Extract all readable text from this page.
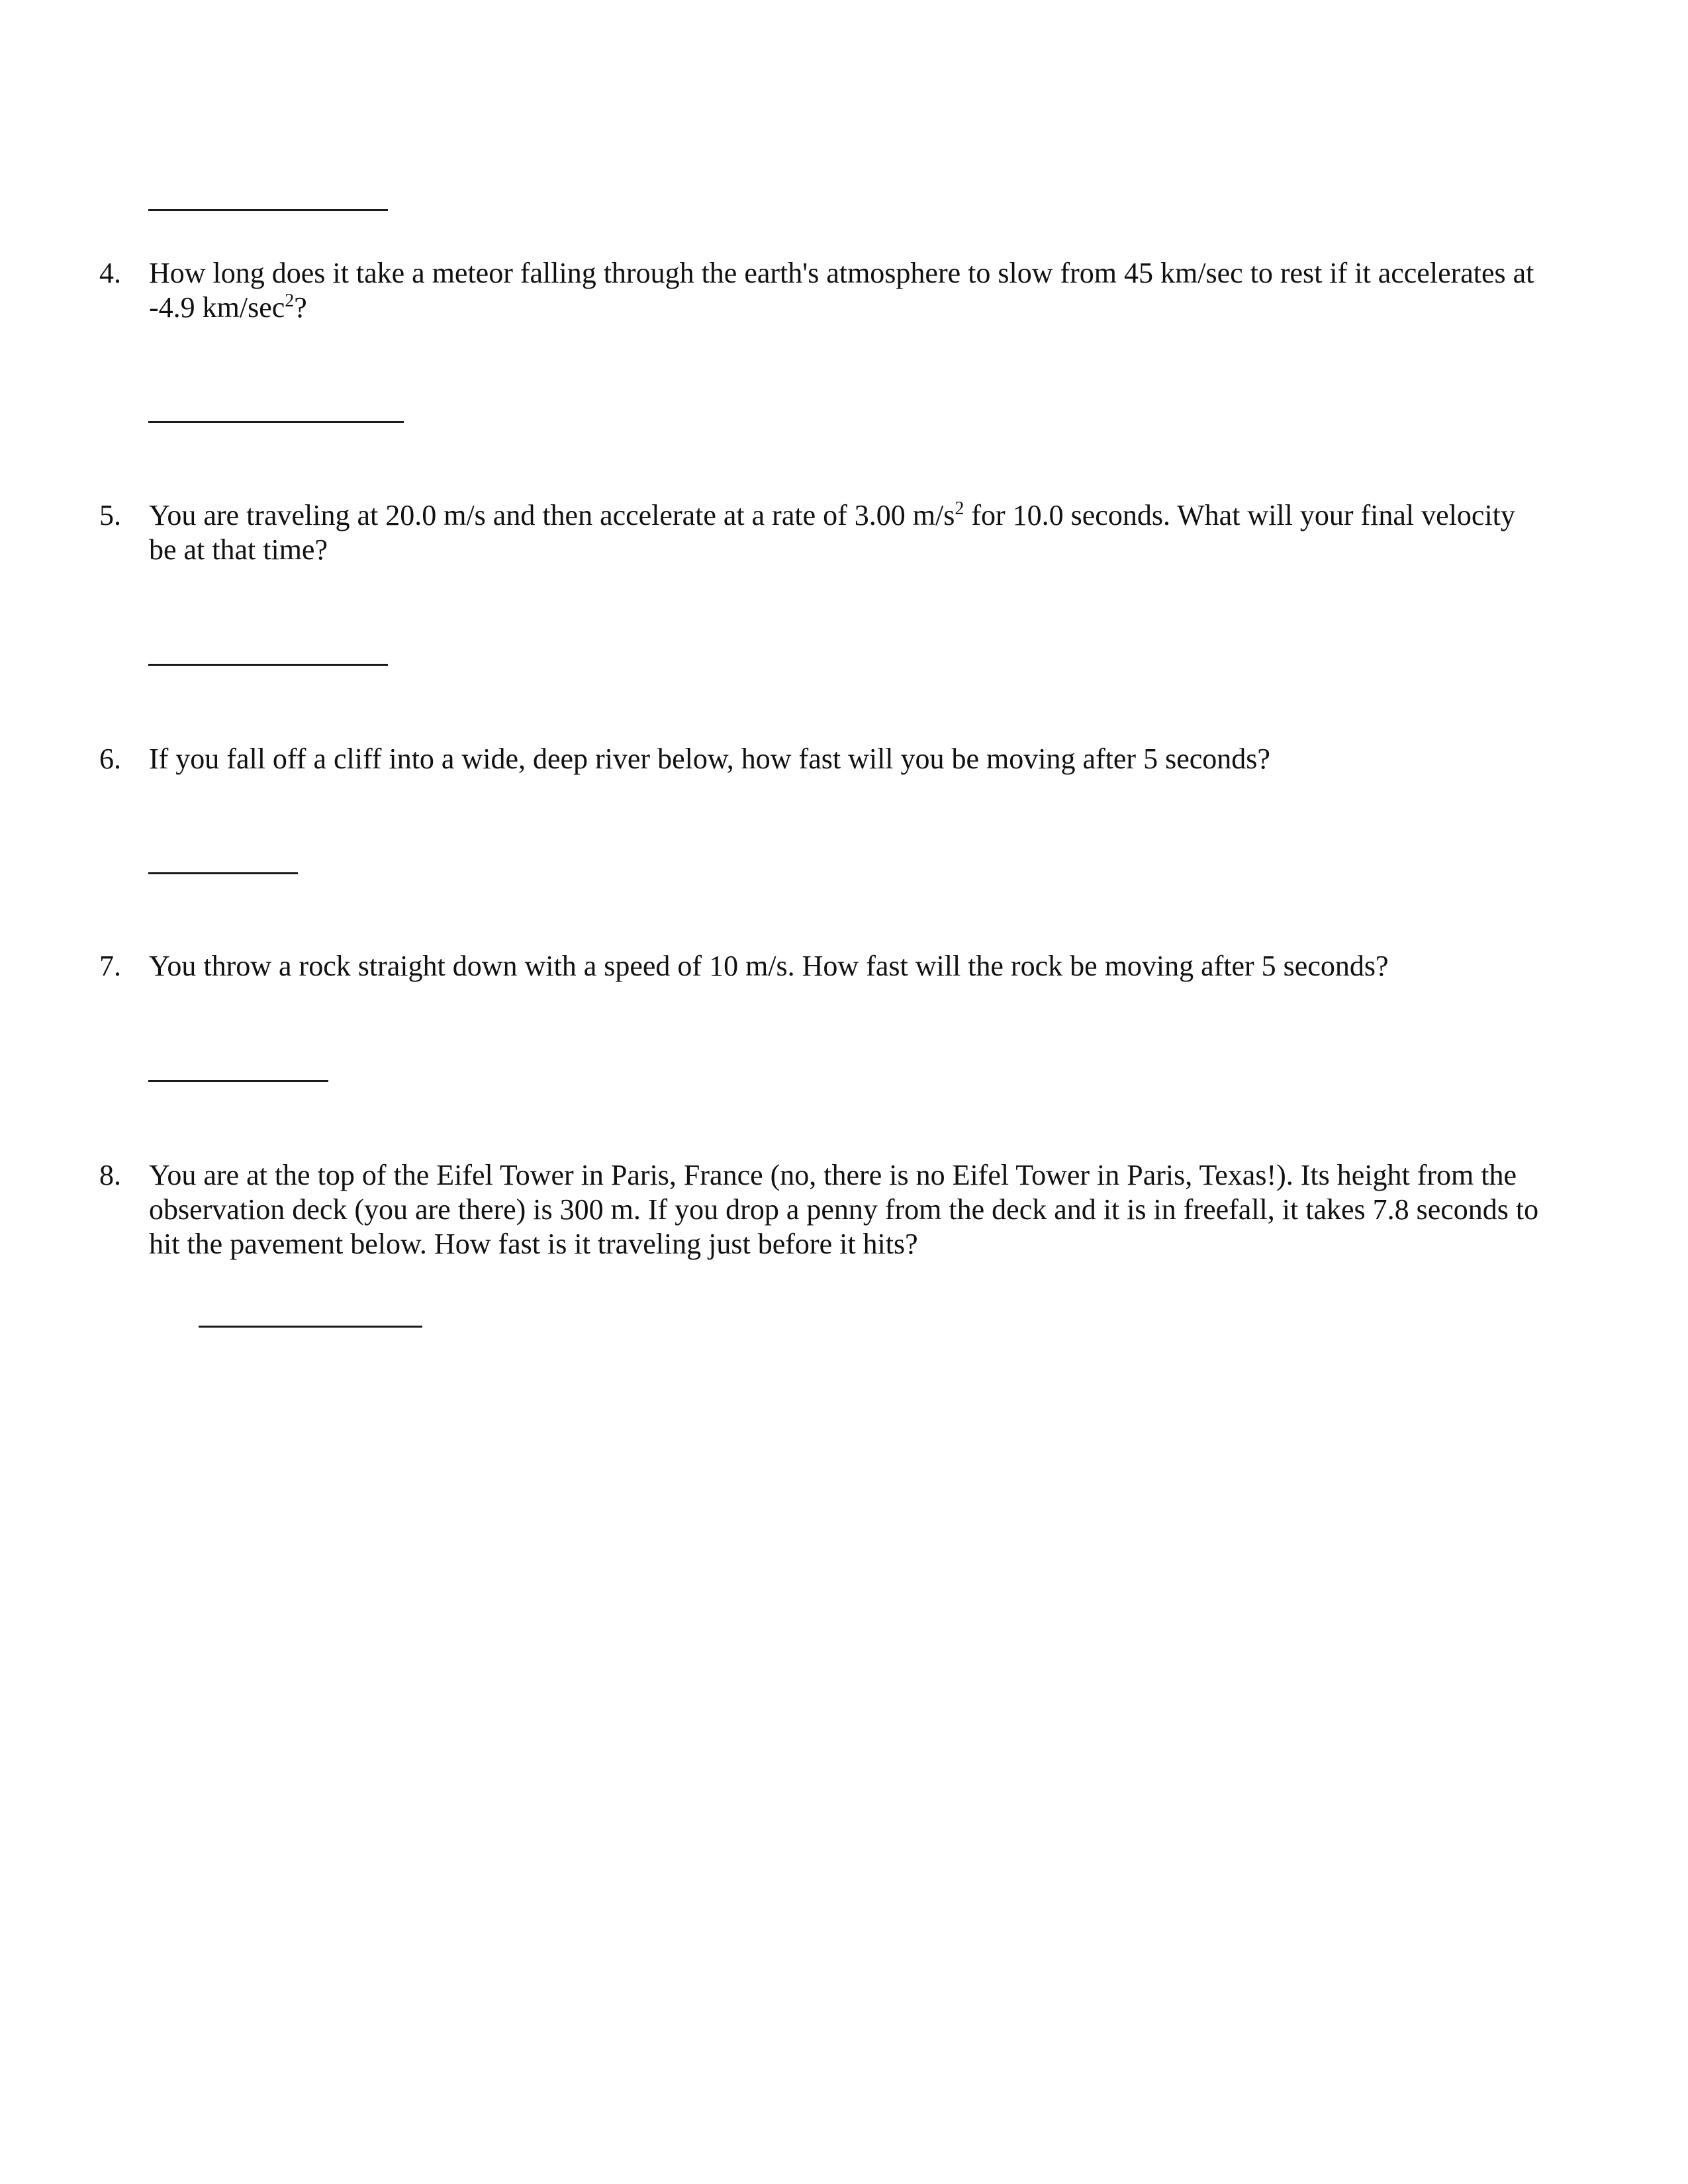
4. How long does it take a meteor falling through the earth's atmosphere to slow from 45 km/sec to rest if it accelerates at -4.9 $km/\sec^2$?
5. You are traveling at 20.0 m/s and then accelerate at a rate of 3.00 $m/s^2$ for 10.0 seconds. What will your final velocity be at that time?
6. If you fall off a cliff into a wide, deep river below, how fast will you be moving after 5 seconds?
7. You throw a rock straight down with a speed of 10 m/s. How fast will the rock be moving after 5 seconds?
8. You are at the top of the Eifel Tower in Paris, France (no, there is no Eifel Tower in Paris, Texas!). Its height from the observation deck (you are there) is 300 m. If you drop a penny from the deck and it is in freefall, it takes 7.8 seconds to hit the pavement below. How fast is it traveling just before it hits?
